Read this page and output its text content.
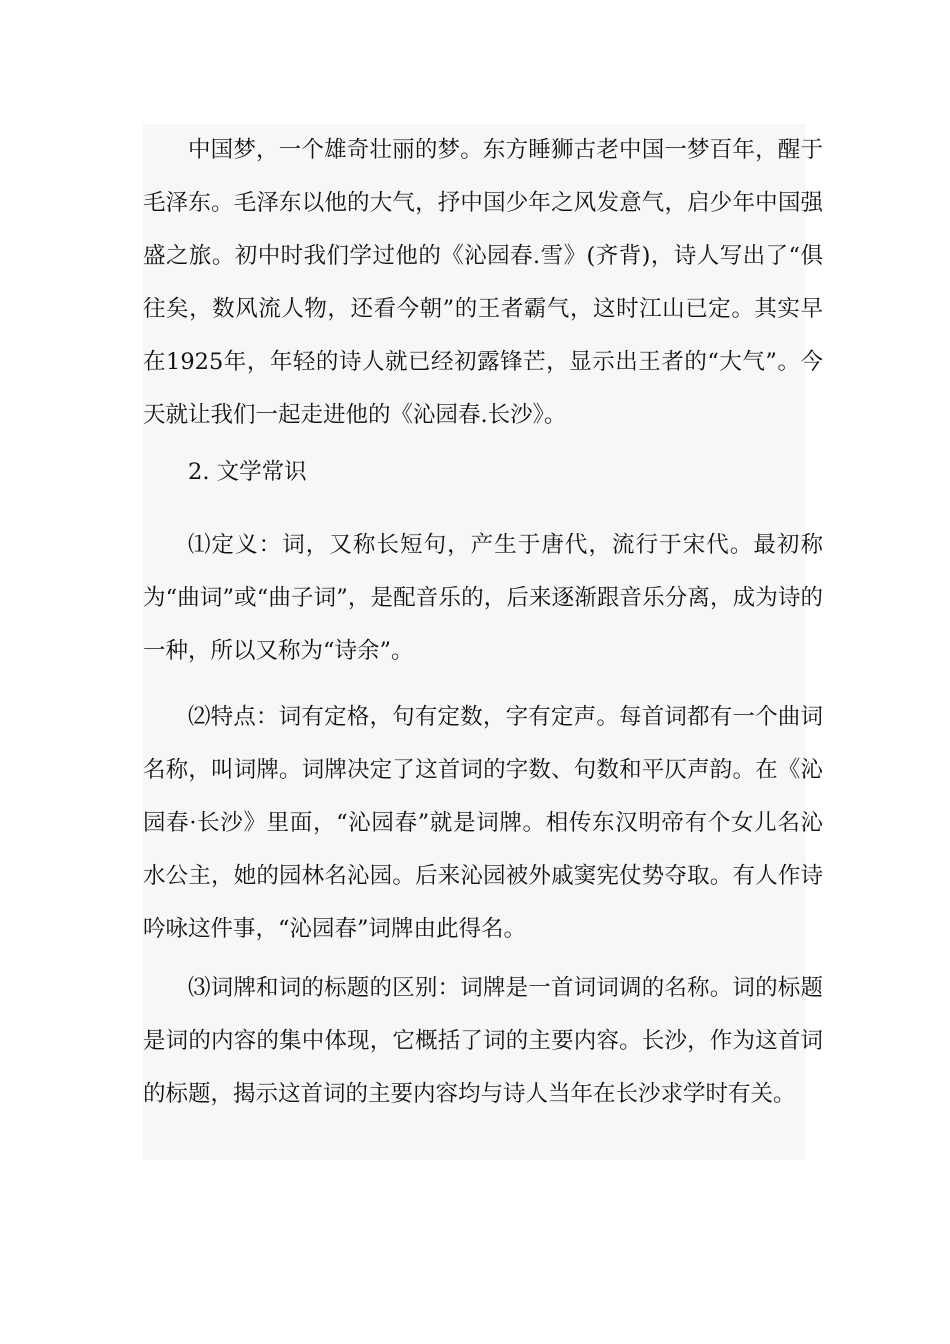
中国梦，一个雄奇壮丽的梦。东方睡狮古老中国一梦百年，醒于毛泽东。毛泽东以他的大气，抒中国少年之风发意气，启少年中国强盛之旅。初中时我们学过他的《沁园春.雪》(齐背)，诗人写出了“俱往矣，数风流人物，还看今朝”的王者霸气，这时江山已定。其实早在1925年，年轻的诗人就已经初露锋芒，显示出王者的“大气”。今天就让我们一起走进他的《沁园春.长沙》。

2. 文学常识

⑴定义：词，又称长短句，产生于唐代，流行于宋代。最初称为“曲词”或“曲子词”，是配音乐的，后来逐渐跟音乐分离，成为诗的一种，所以又称为“诗余”。

⑵特点：词有定格，句有定数，字有定声。每首词都有一个曲词名称，叫词牌。词牌决定了这首词的字数、句数和平仄声韵。在《沁园春·长沙》里面，“沁园春”就是词牌。相传东汉明帝有个女儿名沁水公主，她的园林名沁园。后来沁园被外戚窦宪仗势夺取。有人作诗吟咏这件事，“沁园春”词牌由此得名。

⑶词牌和词的标题的区别：词牌是一首词词调的名称。词的标题是词的内容的集中体现，它概括了词的主要内容。长沙，作为这首词的标题，揭示这首词的主要内容均与诗人当年在长沙求学时有关。
